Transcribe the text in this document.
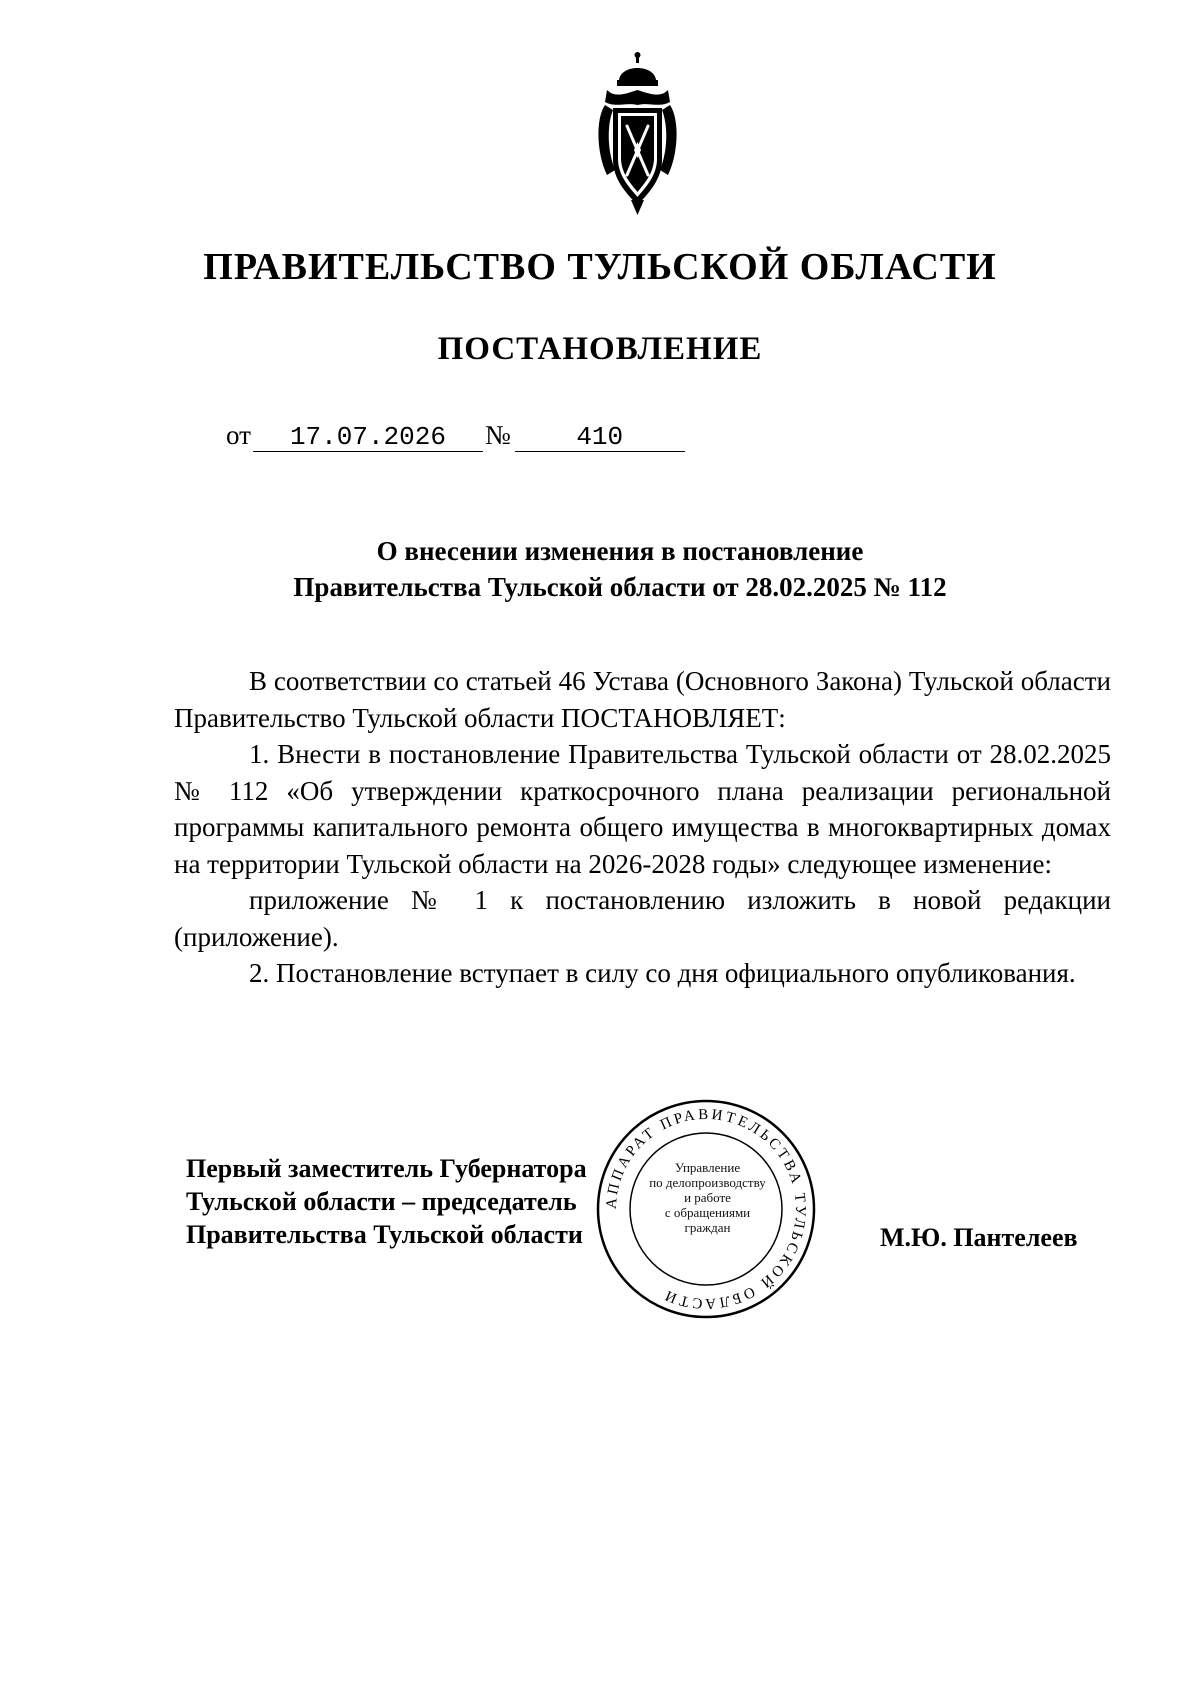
ПРАВИТЕЛЬСТВО ТУЛЬСКОЙ ОБЛАСТИ
ПОСТАНОВЛЕНИЕ
от 17.07.2026 №	410
О внесении изменения в постановление
Правительства Тульской области от 28.02.2025 № 112

В соответствии со статьей 46 Устава (Основного Закона) Тульской области Правительство Тульской области ПОСТАНОВЛЯЕТ:

1. Внести в постановление Правительства Тульской области от 28.02.2025 № 112 «Об утверждении краткосрочного плана реализации региональной программы капитального ремонта общего имущества в многоквартирных домах на территории Тульской области на 2026-2028 годы» следующее изменение:

приложение № 1 к постановлению изложить в новой редакции (приложение).

2. Постановление вступает в силу со дня официального опубликования.

АППАРАТ ПРАВИТЕЛЬСТВА ТУЛЬСКОЙ ОБЛАСТИ
Управление
по делопроизводству
и работе
с обращениями
граждан
Первый заместитель Губернатора
Тульской области – председатель
Правительства Тульской области	М.Ю. Пантелеев
